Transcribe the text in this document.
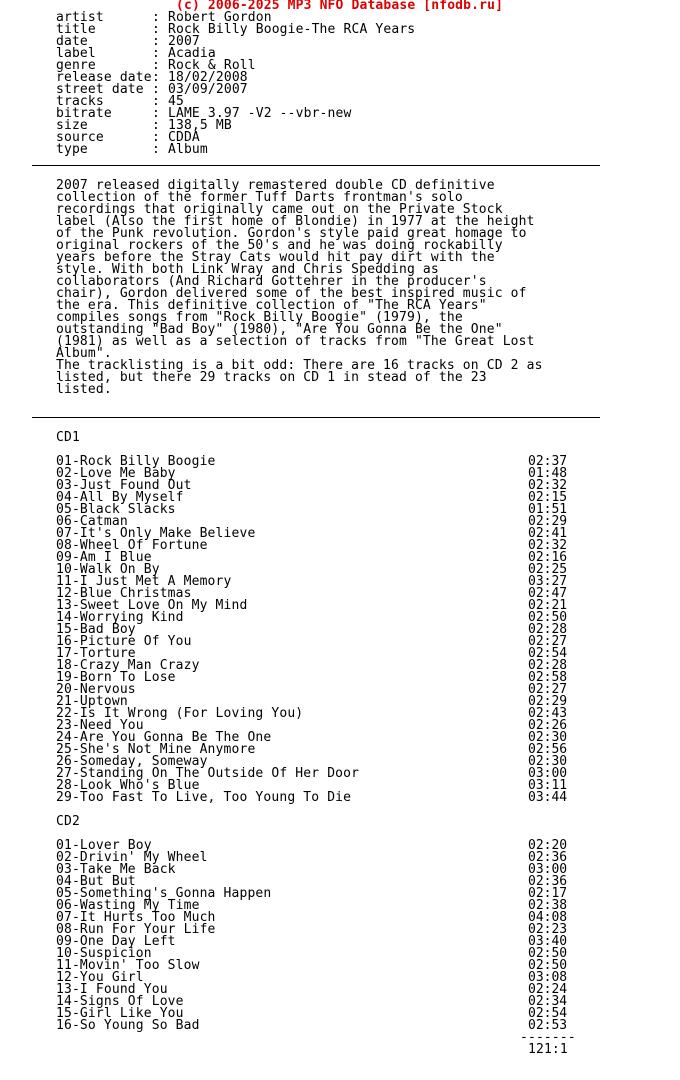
(c) 2006-2025 MP3 NFO Database [nfodb.ru]
artist : Robert Gordon
title : Rock Billy Boogie-The RCA Years
date : 2007
label : Acadia
genre : Rock & Roll
release date : 18/02/2008
street date : 03/09/2007
tracks : 45
bitrate : LAME 3.97 -V2 --vbr-new
size : 138,5 MB
source : CDDA
type : Album
2007 released digitally remastered double CD definitive
collection of the former Tuff Darts frontman's solo
recordings that originally came out on the Private Stock
label (Also the first home of Blondie) in 1977 at the height
of the Punk revolution. Gordon's style paid great homage to
original rockers of the 50's and he was doing rockabilly
years before the Stray Cats would hit pay dirt with the
style. With both Link Wray and Chris Spedding as
collaborators (And Richard Gottehrer in the producer's
chair), Gordon delivered some of the best inspired music of
the era. This definitive collection of "The RCA Years"
compiles songs from "Rock Billy Boogie" (1979), the
outstanding "Bad Boy" (1980), "Are You Gonna Be the One"
(1981) as well as a selection of tracks from "The Great Lost
Album".
The tracklisting is a bit odd: There are 16 tracks on CD 2 as
listed, but there 29 tracks on CD 1 in stead of the 23
listed.
CD1
01-Rock Billy Boogie	02:37
02-Love Me Baby	01:48
03-Just Found Out	02:32
04-All By Myself	02:15
05-Black Slacks	01:51
06-Catman	02:29
07-It's Only Make Believe	02:41
08-Wheel Of Fortune	02:32
09-Am I Blue	02:16
10-Walk On By	02:25
11-I Just Met A Memory	03:27
12-Blue Christmas	02:47
13-Sweet Love On My Mind	02:21
14-Worrying Kind	02:50
15-Bad Boy	02:28
16-Picture Of You	02:27
17-Torture	02:54
18-Crazy Man Crazy	02:28
19-Born To Lose	02:58
20-Nervous	02:27
21-Uptown	02:29
22-Is It Wrong (For Loving You)	02:43
23-Need You	02:26
24-Are You Gonna Be The One	02:30
25-She's Not Mine Anymore	02:56
26-Someday, Someway	02:30
27-Standing On The Outside Of Her Door	03:00
28-Look Who's Blue	03:11
29-Too Fast To Live, Too Young To Die	03:44
CD2
01-Lover Boy	02:20
02-Drivin' My Wheel	02:36
03-Take Me Back	03:00
04-But But	02:36
05-Something's Gonna Happen	02:17
06-Wasting My Time	02:38
07-It Hurts Too Much	04:08
08-Run For Your Life	02:23
09-One Day Left	03:40
10-Suspicion	02:50
11-Movin' Too Slow	02:50
12-You Girl	03:08
13-I Found You	02:24
14-Signs Of Love	02:34
15-Girl Like You	02:54
16-So Young So Bad	02:53
-------
121:1
